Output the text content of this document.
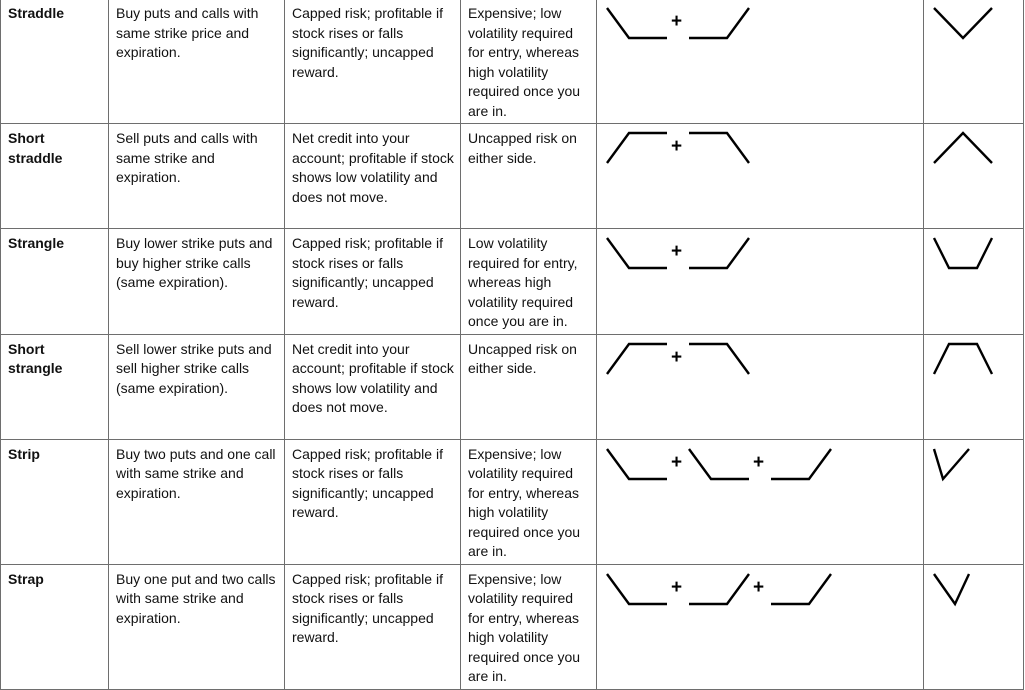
Straddle	Buy puts and calls with same strike price and expiration.	Capped risk; profitable if stock rises or falls significantly; uncapped reward.	Expensive; low volatility required for entry, whereas high volatility required once you are in.	+

Short straddle	Sell puts and calls with same strike and expiration.	Net credit into your account; profitable if stock shows low volatility and does not move.	Uncapped risk on either side.	+

Strangle	Buy lower strike puts and buy higher strike calls (same expiration).	Capped risk; profitable if stock rises or falls significantly; uncapped reward.	Low volatility required for entry, whereas high volatility required once you are in.	+

Short strangle	Sell lower strike puts and sell higher strike calls (same expiration).	Net credit into your account; profitable if stock shows low volatility and does not move.	Uncapped risk on either side.	+

Strip	Buy two puts and one call with same strike and expiration.	Capped risk; profitable if stock rises or falls significantly; uncapped reward.	Expensive; low volatility required for entry, whereas high volatility required once you are in.	+ +

Strap	Buy one put and two calls with same strike and expiration.	Capped risk; profitable if stock rises or falls significantly; uncapped reward.	Expensive; low volatility required for entry, whereas high volatility required once you are in.	+ +
